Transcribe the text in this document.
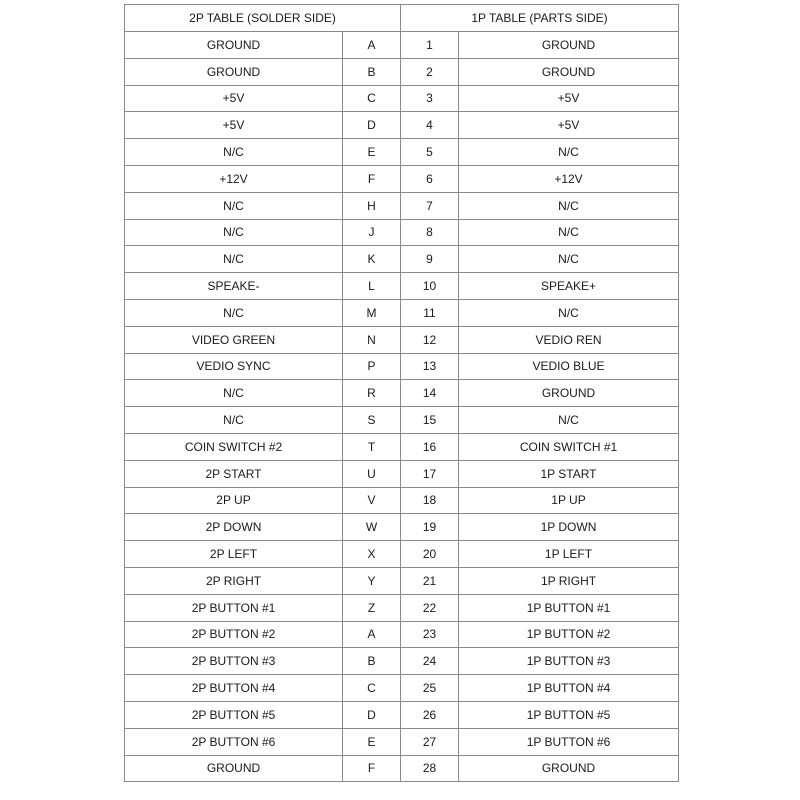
2P TABLE (SOLDER SIDE)		1P TABLE (PARTS SIDE)	
GROUND	A	1	GROUND
GROUND	B	2	GROUND
+5V	C	3	+5V
+5V	D	4	+5V
N/C	E	5	N/C
+12V	F	6	+12V
N/C	H	7	N/C
N/C	J	8	N/C
N/C	K	9	N/C
SPEAKE-	L	10	SPEAKE+
N/C	M	11	N/C
VIDEO GREEN	N	12	VEDIO REN
VEDIO SYNC	P	13	VEDIO BLUE
N/C	R	14	GROUND
N/C	S	15	N/C
COIN SWITCH #2	T	16	COIN SWITCH #1
2P START	U	17	1P START
2P UP	V	18	1P UP
2P DOWN	W	19	1P DOWN
2P LEFT	X	20	1P LEFT
2P RIGHT	Y	21	1P RIGHT
2P BUTTON #1	Z	22	1P BUTTON #1
2P BUTTON #2	A	23	1P BUTTON #2
2P BUTTON #3	B	24	1P BUTTON #3
2P BUTTON #4	C	25	1P BUTTON #4
2P BUTTON #5	D	26	1P BUTTON #5
2P BUTTON #6	E	27	1P BUTTON #6
GROUND	F	28	GROUND
